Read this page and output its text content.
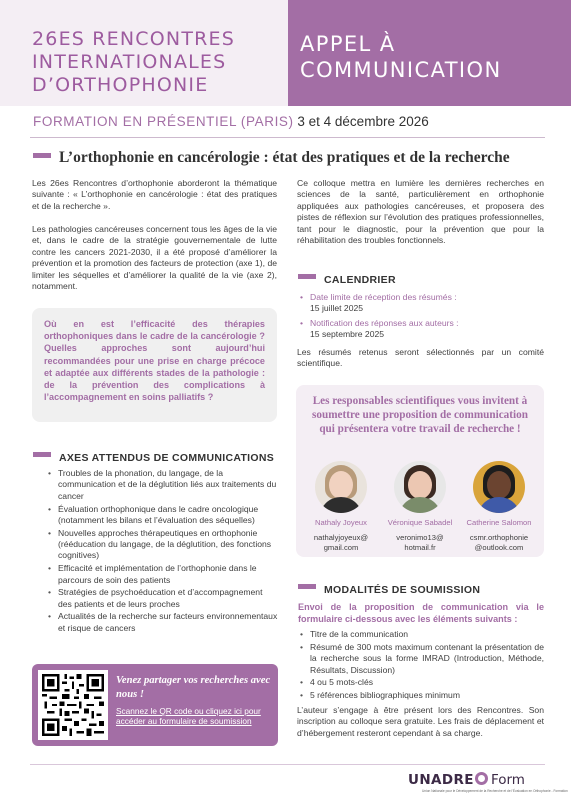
26ES RENCONTRES
INTERNATIONALES
D’ORTHOPHONIE
APPEL À
COMMUNICATION
FORMATION EN PRÉSENTIEL (PARIS) 3 et 4 décembre 2026
L’orthophonie en cancérologie : état des pratiques et de la recherche
Les 26es Rencontres d’orthophonie aborderont la thématique suivante : « L’orthophonie en cancérologie : état des pratiques et de la recherche ».
Les pathologies cancéreuses concernent tous les âges de la vie et, dans le cadre de la stratégie gouvernementale de lutte contre les cancers 2021-2030, il a été proposé d’améliorer la prévention et la promotion des facteurs de protection (axe 1), de limiter les séquelles et d’améliorer la qualité de la vie (axe 2), notamment.
Où en est l’efficacité des thérapies orthophoniques dans le cadre de la cancérologie ? Quelles approches sont aujourd’hui recommandées pour une prise en charge précoce et adaptée aux différents stades de la pathologie : de la prévention des complications à l’accompagnement en soins palliatifs ?
AXES ATTENDUS DE COMMUNICATIONS
• Troubles de la phonation, du langage, de la communication et de la déglutition liés aux traitements du cancer
• Évaluation orthophonique dans le cadre oncologique (notamment les bilans et l’évaluation des séquelles)
• Nouvelles approches thérapeutiques en orthophonie (rééducation du langage, de la déglutition, des fonctions cognitives)
• Efficacité et implémentation de l’orthophonie dans le parcours de soin des patients
• Stratégies de psychoéducation et d’accompagnement des patients et de leurs proches
• Actualités de la recherche sur facteurs environnementaux et risque de cancers
Venez partager vos recherches avec nous !
Scannez le QR code ou cliquez ici pour accéder au formulaire de soumission
Ce colloque mettra en lumière les dernières recherches en sciences de la santé, particulièrement en orthophonie appliquées aux pathologies cancéreuses, et proposera des pistes de réflexion sur l’évolution des pratiques professionnelles, tant pour le diagnostic, pour la prévention que pour la réhabilitation des troubles fonctionnels.
CALENDRIER
• Date limite de réception des résumés :
15 juillet 2025
• Notification des réponses aux auteurs :
15 septembre 2025
Les résumés retenus seront sélectionnés par un comité scientifique.
Les responsables scientifiques vous invitent à soumettre une proposition de communication qui présentera votre travail de recherche !
Nathaly Joyeux
nathalyjoyeux@
gmail.com
Véronique Sabadel
veronimo13@
hotmail.fr
Catherine Salomon
csmr.orthophonie
@outlook.com
MODALITÉS DE SOUMISSION
Envoi de la proposition de communication via le formulaire ci-dessous avec les éléments suivants :
• Titre de la communication
• Résumé de 300 mots maximum contenant la présentation de la recherche sous la forme IMRAD (Introduction, Méthode, Résultats, Discussion)
• 4 ou 5 mots-clés
• 5 références bibliographiques minimum
L’auteur s’engage à être présent lors des Rencontres. Son inscription au colloque sera gratuite. Les frais de déplacement et d’hébergement resteront cependant à sa charge.
UNADRE Form
Union Nationale pour le Développement de la Recherche et de l’Évaluation en Orthophonie - Formation
